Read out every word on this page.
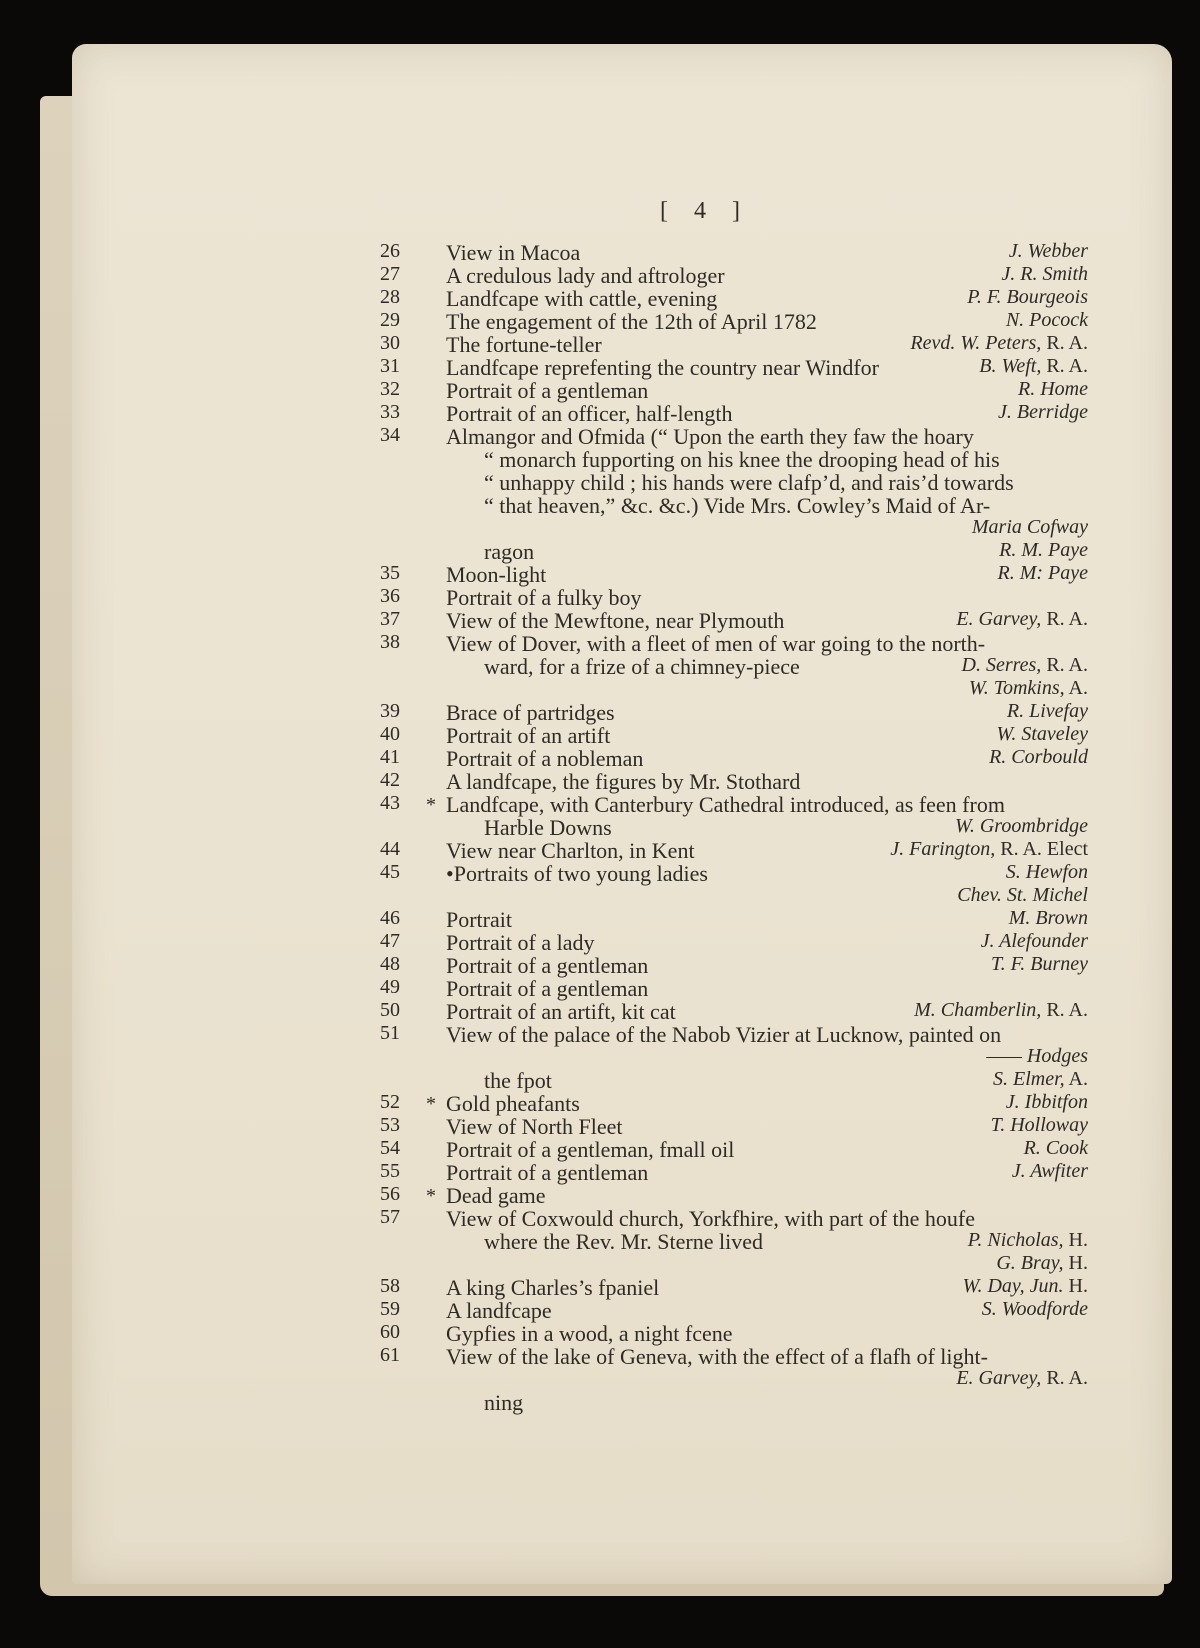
[ 4 ]
26	View in Macoa	J. Webber
27	A credulous lady and aftrologer	J. R. Smith
28	Landfcape with cattle, evening	P. F. Bourgeois
29	The engagement of the 12th of April 1782	N. Pocock
30	The fortune-teller	Revd. W. Peters, R. A.
31	Landfcape reprefenting the country near Windfor	B. Weft, R. A.
32	Portrait of a gentleman	R. Home
33	Portrait of an officer, half-length	J. Berridge
34	Almangor and Ofmida (“ Upon the earth they faw the hoary
“ monarch fupporting on his knee the drooping head of his
“ unhappy child ; his hands were clafp’d, and rais’d towards
“ that heaven,” &c. &c.) Vide Mrs. Cowley’s Maid of Ar-
Maria Cofway
ragon	R. M. Paye
35	Moon-light	R. M: Paye
36	Portrait of a fulky boy
37	View of the Mewftone, near Plymouth	E. Garvey, R. A.
38	View of Dover, with a fleet of men of war going to the north-
ward, for a frize of a chimney-piece	D. Serres, R. A.
W. Tomkins, A.
39	Brace of partridges	R. Livefay
40	Portrait of an artift	W. Staveley
41	Portrait of a nobleman	R. Corbould
42	A landfcape, the figures by Mr. Stothard
43	* Landfcape, with Canterbury Cathedral introduced, as feen from
Harble Downs	W. Groombridge
44	View near Charlton, in Kent	J. Farington, R. A. Elect
45	•Portraits of two young ladies	S. Hewfon
Chev. St. Michel
46	Portrait	M. Brown
47	Portrait of a lady	J. Alefounder
48	Portrait of a gentleman	T. F. Burney
49	Portrait of a gentleman
50	Portrait of an artift, kit cat	M. Chamberlin, R. A.
51	View of the palace of the Nabob Vizier at Lucknow, painted on
—— Hodges
the fpot	S. Elmer, A.
52	* Gold pheafants	J. Ibbitfon
53	View of North Fleet	T. Holloway
54	Portrait of a gentleman, fmall oil	R. Cook
55	Portrait of a gentleman	J. Awfiter
56	* Dead game
57	View of Coxwould church, Yorkfhire, with part of the houfe
where the Rev. Mr. Sterne lived	P. Nicholas, H.
G. Bray, H.
58	A king Charles’s fpaniel	W. Day, Jun. H.
59	A landfcape	S. Woodforde
60	Gypfies in a wood, a night fcene
61	View of the lake of Geneva, with the effect of a flafh of light-
E. Garvey, R. A.
ning
